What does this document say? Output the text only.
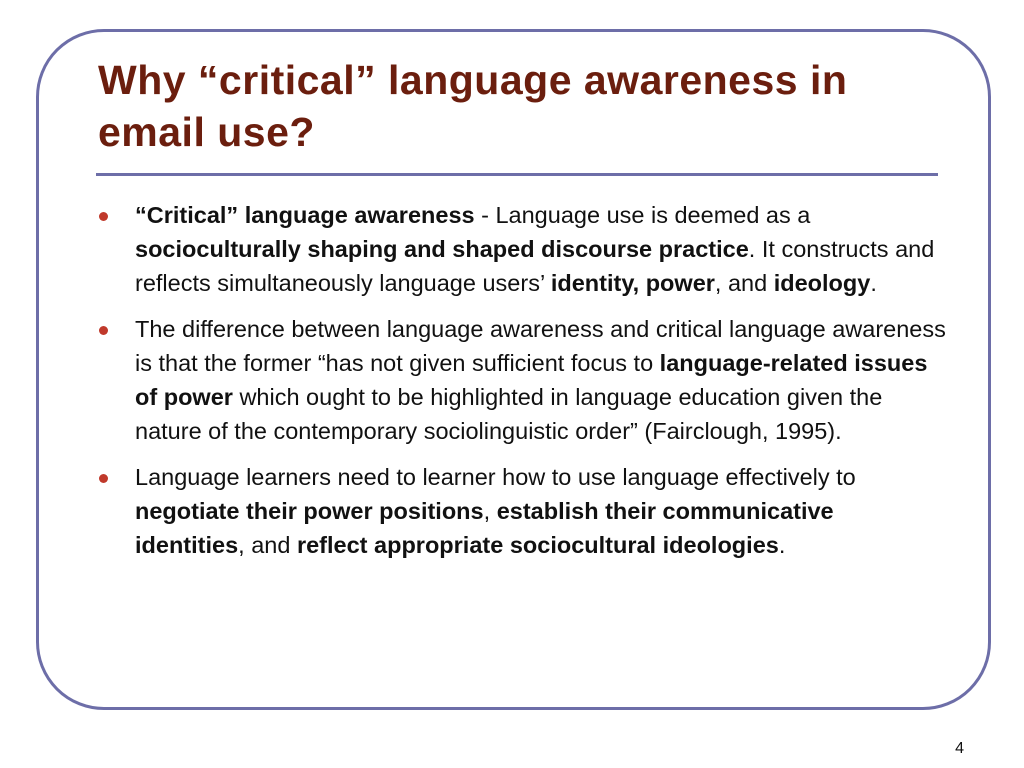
Why “critical” language awareness in email use?
“Critical” language awareness - Language use is deemed as a socioculturally shaping and shaped discourse practice. It constructs and reflects simultaneously language users’ identity, power, and ideology.
The difference between language awareness and critical language awareness is that the former “has not given sufficient focus to language-related issues of power which ought to be highlighted in language education given the nature of the contemporary sociolinguistic order” (Fairclough, 1995).
Language learners need to learner how to use language effectively to negotiate their power positions, establish their communicative identities, and reflect appropriate sociocultural ideologies.
4
